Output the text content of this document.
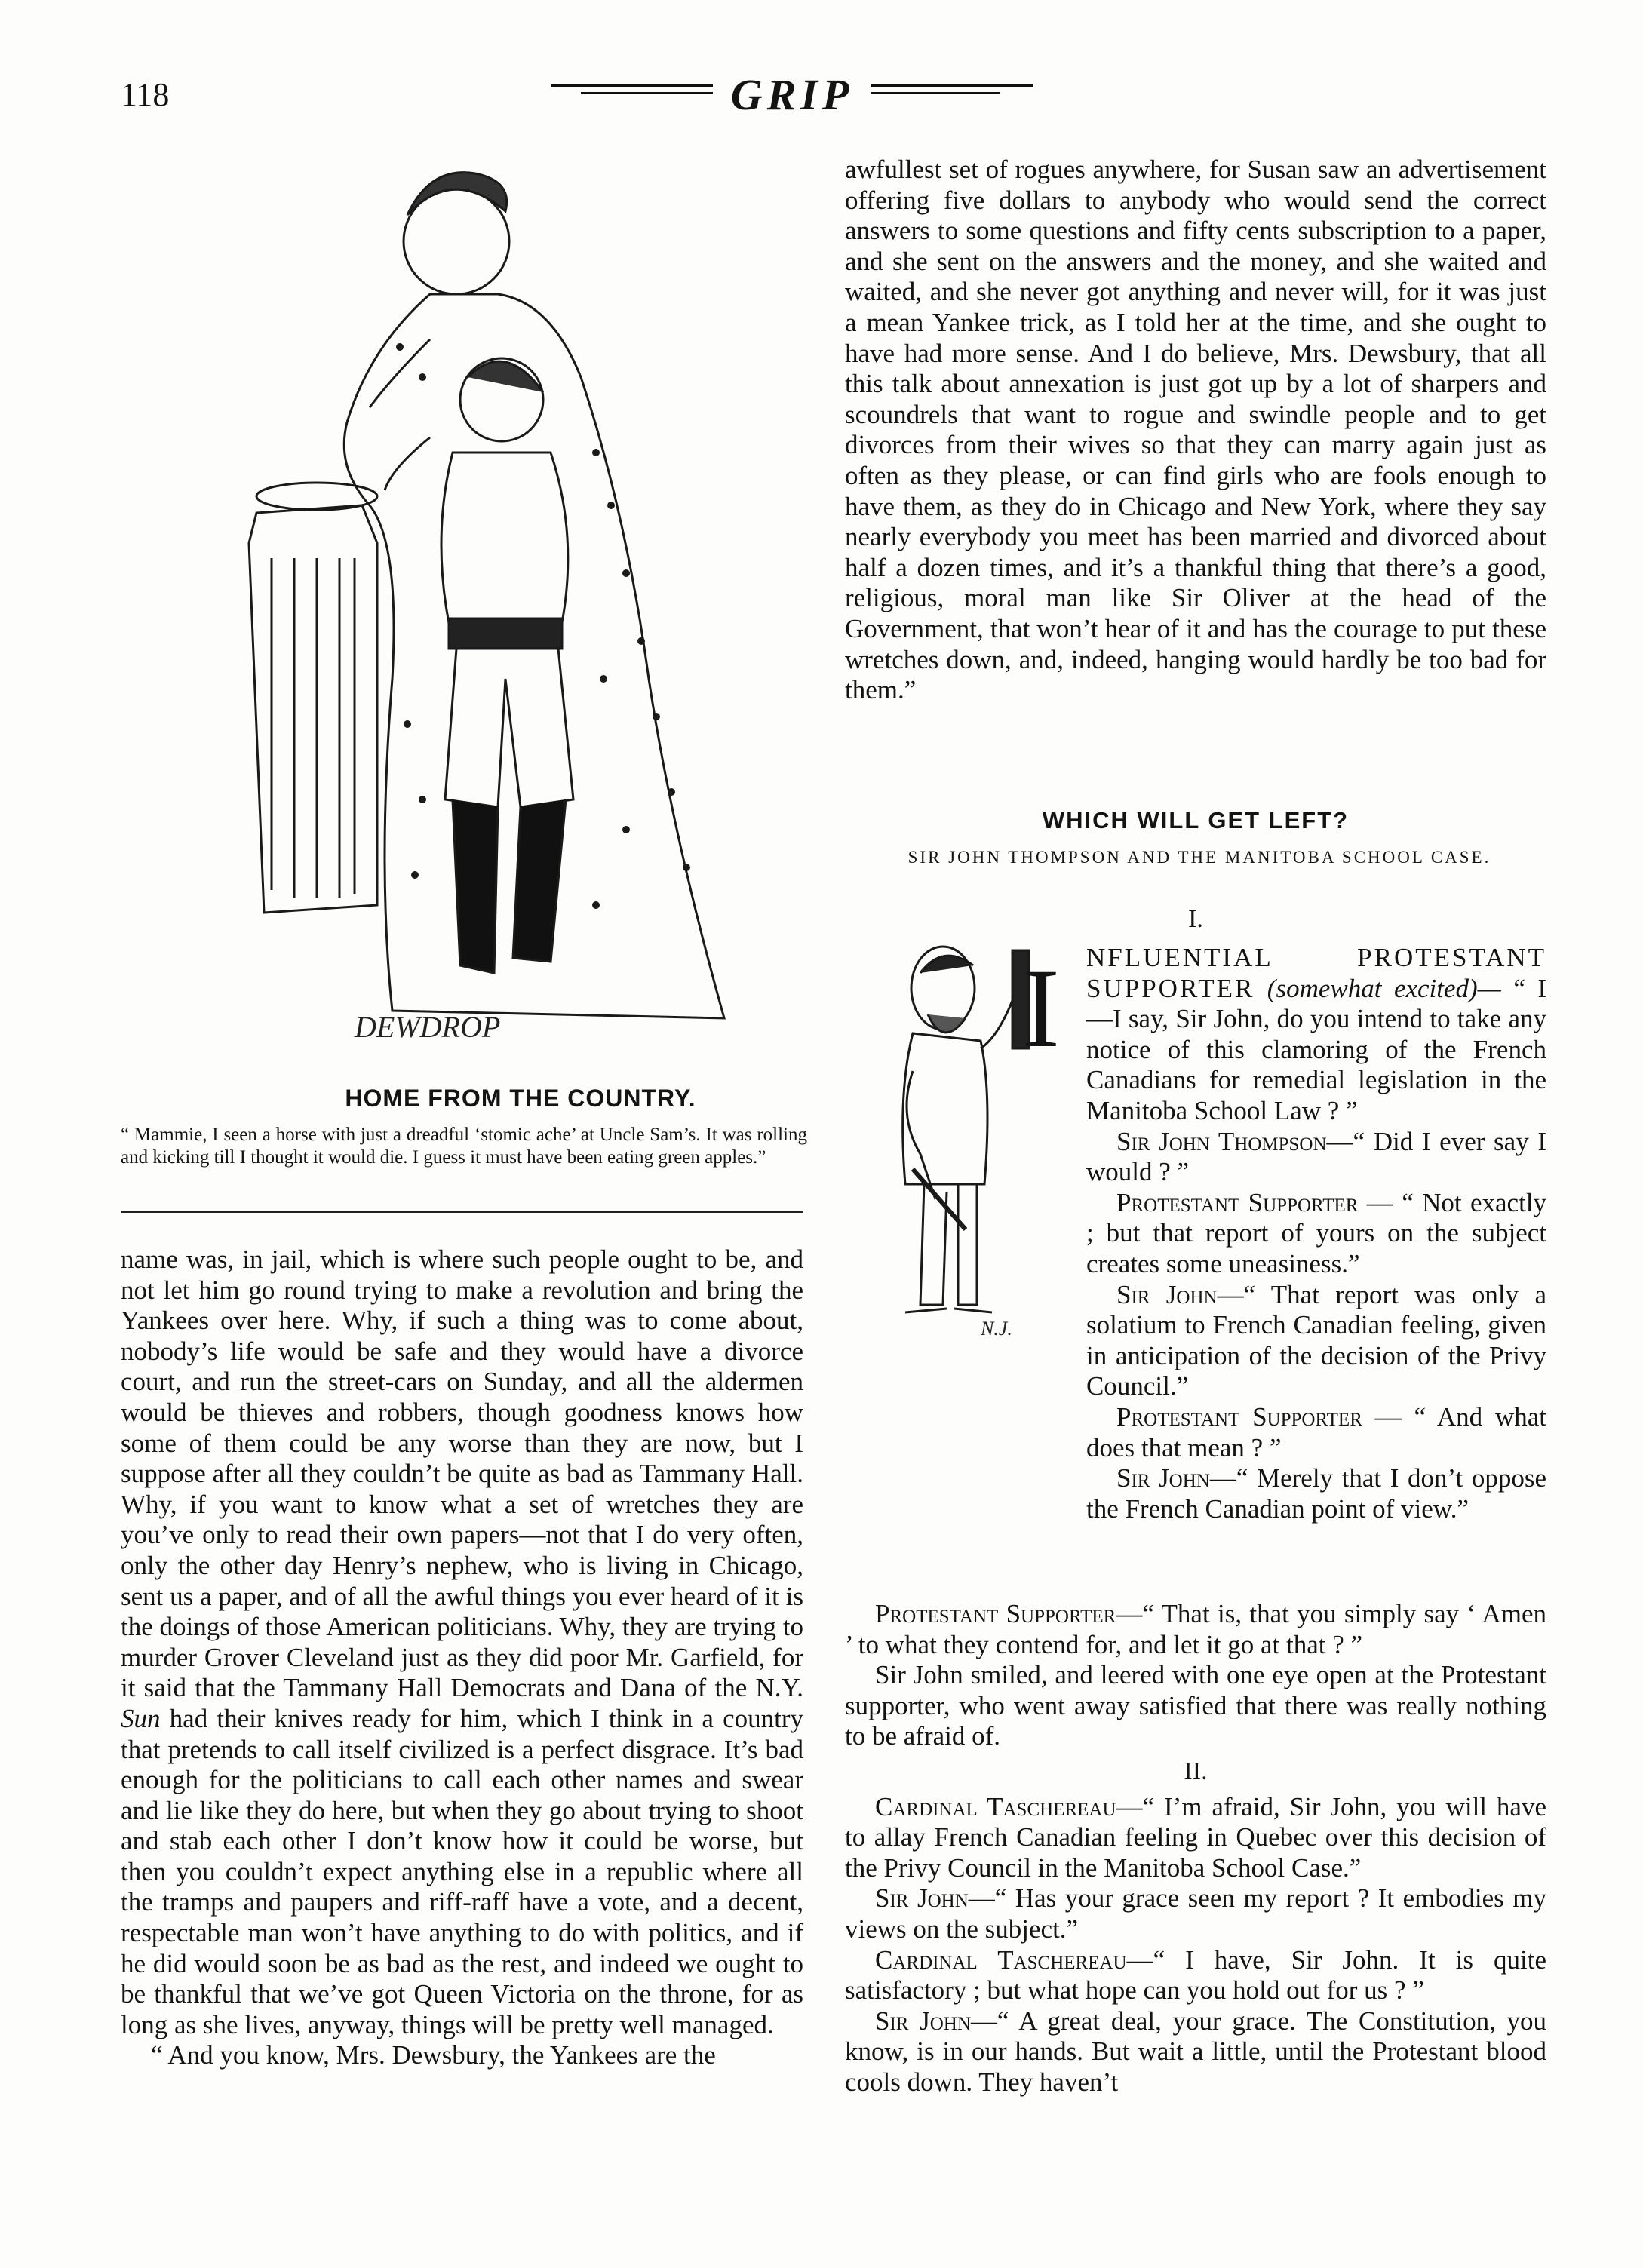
118	GRIP
DEWDROP
HOME FROM THE COUNTRY.
“ Mammie, I seen a horse with just a dreadful ‘stomic ache’ at Uncle Sam’s. It was rolling and kicking till I thought it would die. I guess it must have been eating green apples.”

name was, in jail, which is where such people ought to be, and not let him go round trying to make a revolution and bring the Yankees over here. Why, if such a thing was to come about, nobody’s life would be safe and they would have a divorce court, and run the street-cars on Sunday, and all the aldermen would be thieves and robbers, though goodness knows how some of them could be any worse than they are now, but I suppose after all they couldn’t be quite as bad as Tammany Hall. Why, if you want to know what a set of wretches they are you’ve only to read their own papers—not that I do very often, only the other day Henry’s nephew, who is living in Chicago, sent us a paper, and of all the awful things you ever heard of it is the doings of those American politicians. Why, they are trying to murder Grover Cleveland just as they did poor Mr. Garfield, for it said that the Tammany Hall Democrats and Dana of the N.Y. Sun had their knives ready for him, which I think in a country that pretends to call itself civilized is a perfect disgrace. It’s bad enough for the politicians to call each other names and swear and lie like they do here, but when they go about trying to shoot and stab each other I don’t know how it could be worse, but then you couldn’t expect anything else in a republic where all the tramps and paupers and riff-raff have a vote, and a decent, respectable man won’t have anything to do with politics, and if he did would soon be as bad as the rest, and indeed we ought to be thankful that we’ve got Queen Victoria on the throne, for as long as she lives, anyway, things will be pretty well managed.

“ And you know, Mrs. Dewsbury, the Yankees are the

awfullest set of rogues anywhere, for Susan saw an advertisement offering five dollars to anybody who would send the correct answers to some questions and fifty cents subscription to a paper, and she sent on the answers and the money, and she waited and waited, and she never got anything and never will, for it was just a mean Yankee trick, as I told her at the time, and she ought to have had more sense. And I do believe, Mrs. Dewsbury, that all this talk about annexation is just got up by a lot of sharpers and scoundrels that want to rogue and swindle people and to get divorces from their wives so that they can marry again just as often as they please, or can find girls who are fools enough to have them, as they do in Chicago and New York, where they say nearly everybody you meet has been married and divorced about half a dozen times, and it’s a thankful thing that there’s a good, religious, moral man like Sir Oliver at the head of the Government, that won’t hear of it and has the courage to put these wretches down, and, indeed, hanging would hardly be too bad for them.”

WHICH WILL GET LEFT?
SIR JOHN THOMPSON AND THE MANITOBA SCHOOL CASE.
I.
N.J.
I NFLUENTIAL PROTESTANT SUPPORTER (somewhat excited)— “ I—I say, Sir John, do you intend to take any notice of this clamoring of the French Canadians for remedial legislation in the Manitoba School Law ? ”

Sir John Thompson—“ Did I ever say I would ? ”

Protestant Supporter — “ Not exactly ; but that report of yours on the subject creates some uneasiness.”

Sir John—“ That report was only a solatium to French Canadian feeling, given in anticipation of the decision of the Privy Council.”

Protestant Supporter — “ And what does that mean ? ”

Sir John—“ Merely that I don’t oppose the French Canadian point of view.”

Protestant Supporter—“ That is, that you simply say ‘ Amen ’ to what they contend for, and let it go at that ? ”

Sir John smiled, and leered with one eye open at the Protestant supporter, who went away satisfied that there was really nothing to be afraid of.

II.

Cardinal Taschereau—“ I’m afraid, Sir John, you will have to allay French Canadian feeling in Quebec over this decision of the Privy Council in the Manitoba School Case.”

Sir John—“ Has your grace seen my report ? It embodies my views on the subject.”

Cardinal Taschereau—“ I have, Sir John. It is quite satisfactory ; but what hope can you hold out for us ? ”

Sir John—“ A great deal, your grace. The Constitution, you know, is in our hands. But wait a little, until the Protestant blood cools down. They haven’t
